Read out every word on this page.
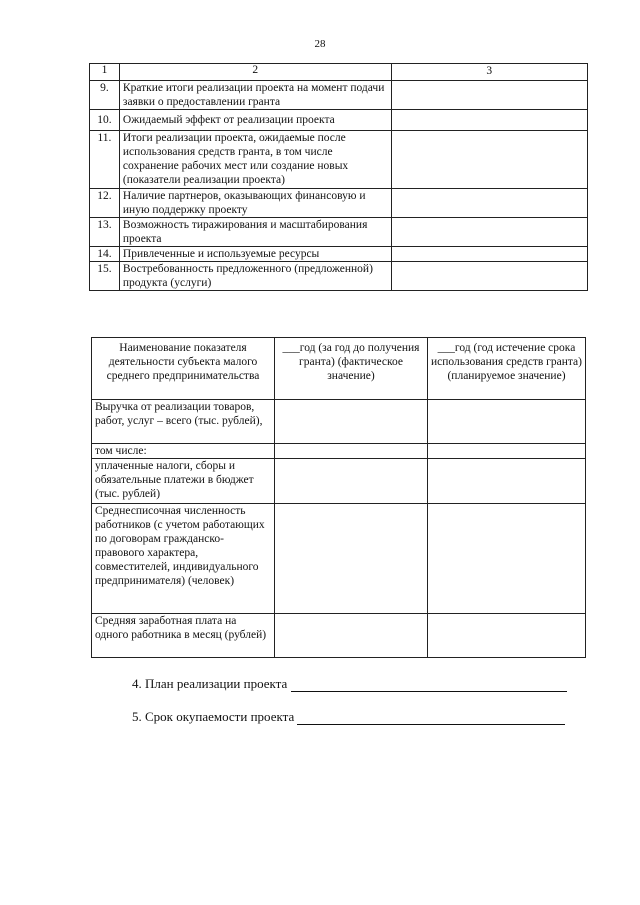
28
1	2	3
9.	Краткие итоги реализации проекта на момент подачи заявки о предоставлении гранта	
10.	Ожидаемый эффект от реализации проекта	
11.	Итоги реализации проекта, ожидаемые после использования средств гранта, в том числе сохранение рабочих мест или создание новых (показатели реализации проекта)	
12.	Наличие партнеров, оказывающих финансовую и иную поддержку проекту	
13.	Возможность тиражирования и масштабирования проекта	
14.	Привлеченные и используемые ресурсы	
15.	Востребованность предложенного (предложенной) продукта (услуги)	
Наименование показателя деятельности субъекта малого среднего предпринимательства	___год (за год до получения гранта) (фактическое значение)	___год (год истечение срока использования средств гранта) (планируемое значение)
Выручка от реализации товаров, работ, услуг – всего (тыс. рублей),		
том числе:		
уплаченные налоги, сборы и обязательные платежи в бюджет (тыс. рублей)		
Среднесписочная численность работников (с учетом работающих по договорам гражданско-правового характера, совместителей, индивидуального предпринимателя) (человек)		
Средняя заработная плата на одного работника в месяц (рублей)		
4. План реализации проекта
5. Срок окупаемости проекта
